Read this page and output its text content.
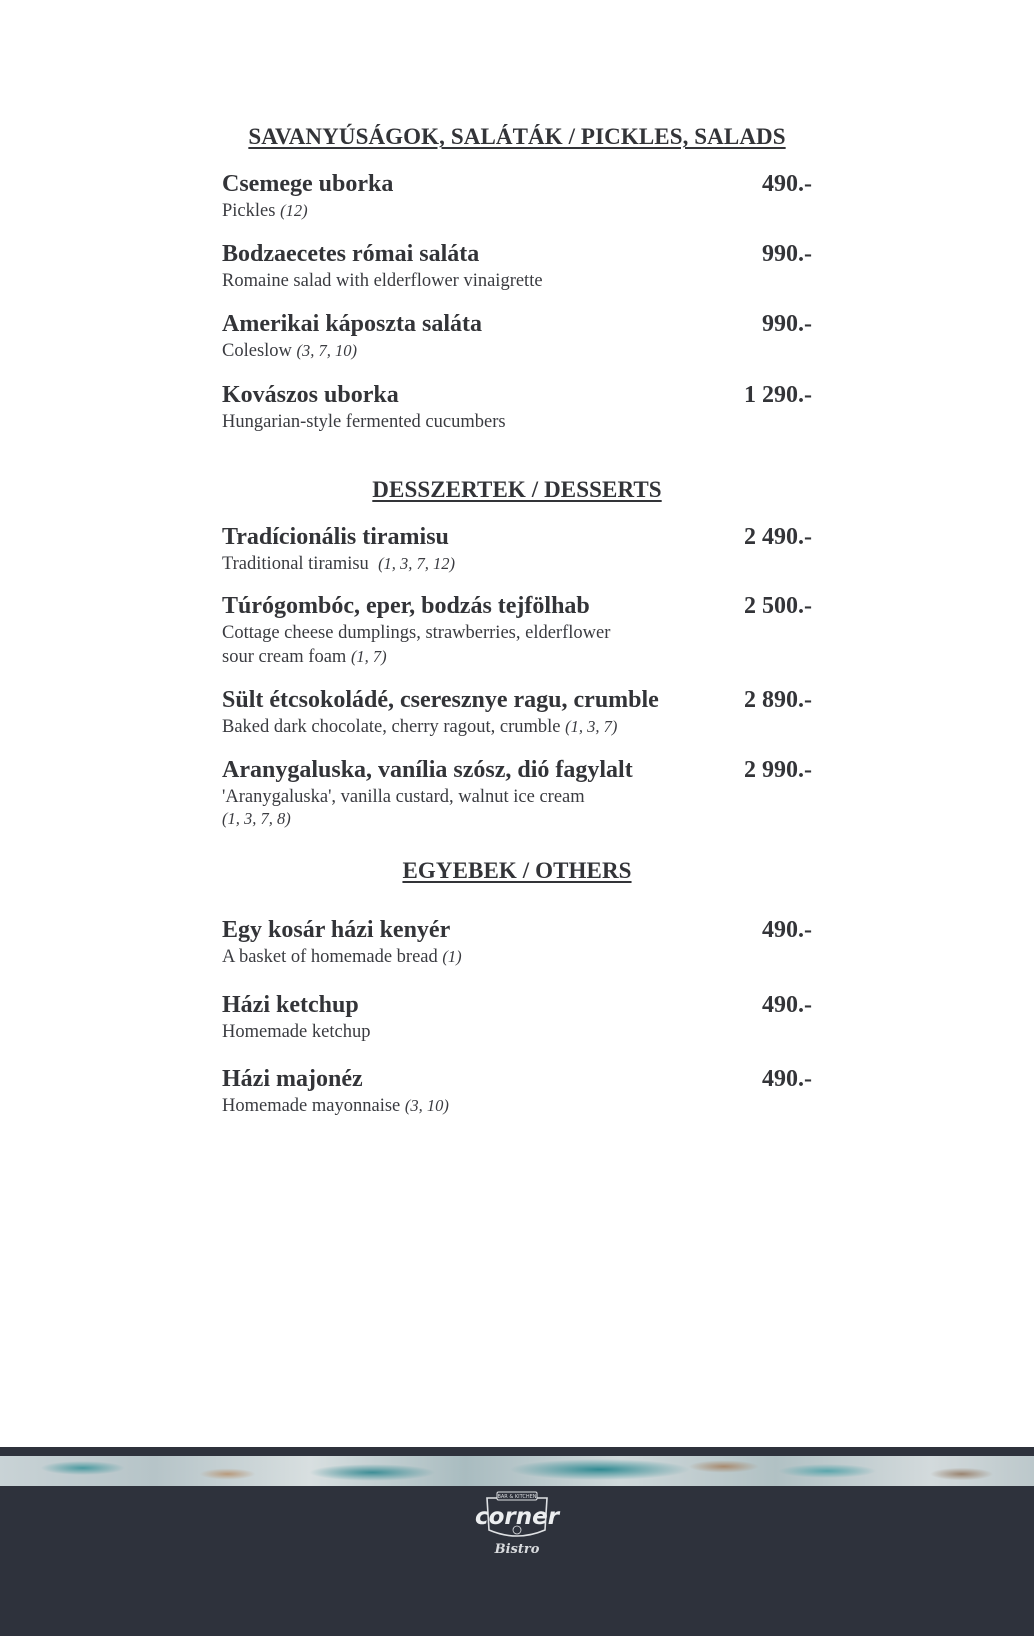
SAVANYÚSÁGOK, SALÁTÁK / PICKLES, SALADS
Csemege uborka	490.-
Pickles (12)
Bodzaecetes római saláta	990.-
Romaine salad with elderflower vinaigrette
Amerikai káposzta saláta	990.-
Coleslow (3, 7, 10)
Kovászos uborka	1 290.-
Hungarian-style fermented cucumbers
DESSZERTEK / DESSERTS
Tradícionális tiramisu	2 490.-
Traditional tiramisu  (1, 3, 7, 12)
Túrógombóc, eper, bodzás tejfölhab	2 500.-
Cottage cheese dumplings, strawberries, elderflower
sour cream foam (1, 7)
Sült étcsokoládé, cseresznye ragu, crumble	2 890.-
Baked dark chocolate, cherry ragout, crumble (1, 3, 7)
Aranygaluska, vanília szósz, dió fagylalt	2 990.-
'Aranygaluska', vanilla custard, walnut ice cream
(1, 3, 7, 8)
EGYEBEK / OTHERS
Egy kosár házi kenyér	490.-
A basket of homemade bread (1)
Házi ketchup	490.-
Homemade ketchup
Házi majonéz	490.-
Homemade mayonnaise (3, 10)
BAR & KITCHEN
corner
Bistro
